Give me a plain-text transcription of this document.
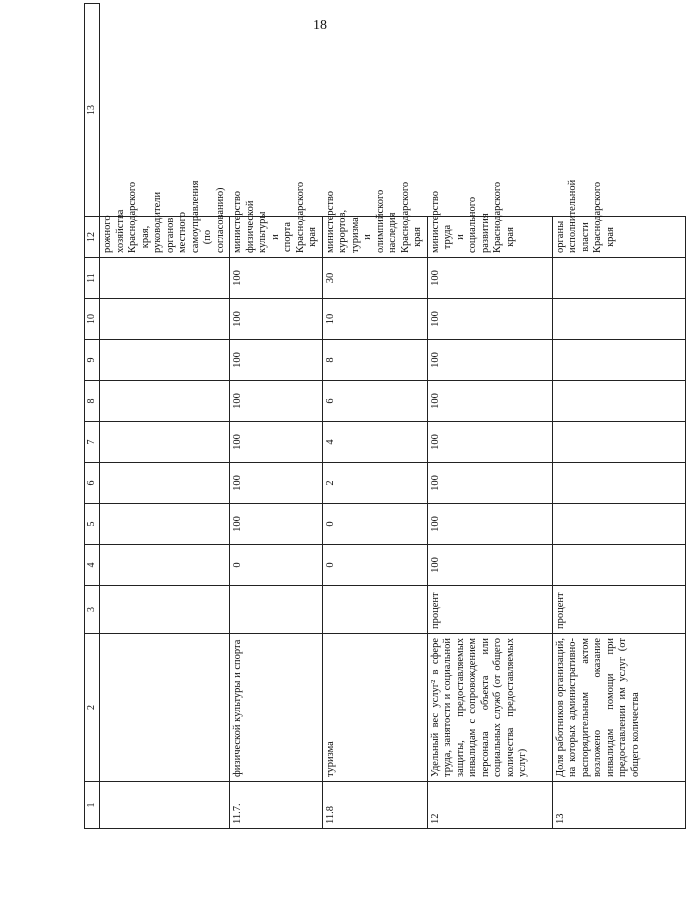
18
1	2	3	4	5	6	7	8	9	10	11	12	13
											рожного хозяйства Краснодарского края, руководители органов местного самоуправления (по согласованию)	
11.7.	физической культуры и спорта		0	100	100	100	100	100	100	100	министерство физической культуры и спорта Краснодарского края	
11.8	туризма		0	0	2	4	6	8	10	30	министерство курортов, туризма и олимпийского наследия Краснодарского края	
12	Удельный вес услуг² в сфере труда, занятости и социальной защиты, предоставляемых инвалидам с сопровождением персонала объекта или социальных служб (от общего количества предоставляемых услуг)	процент	100	100	100	100	100	100	100	100	министерство труда и социального развития Краснодарского края	
13	Доля работников организаций, на которых административно-распорядительным актом возложено оказание инвалидам помощи при предоставлении им услуг (от общего количества	процент									органы исполнительной власти Краснодарского края	
